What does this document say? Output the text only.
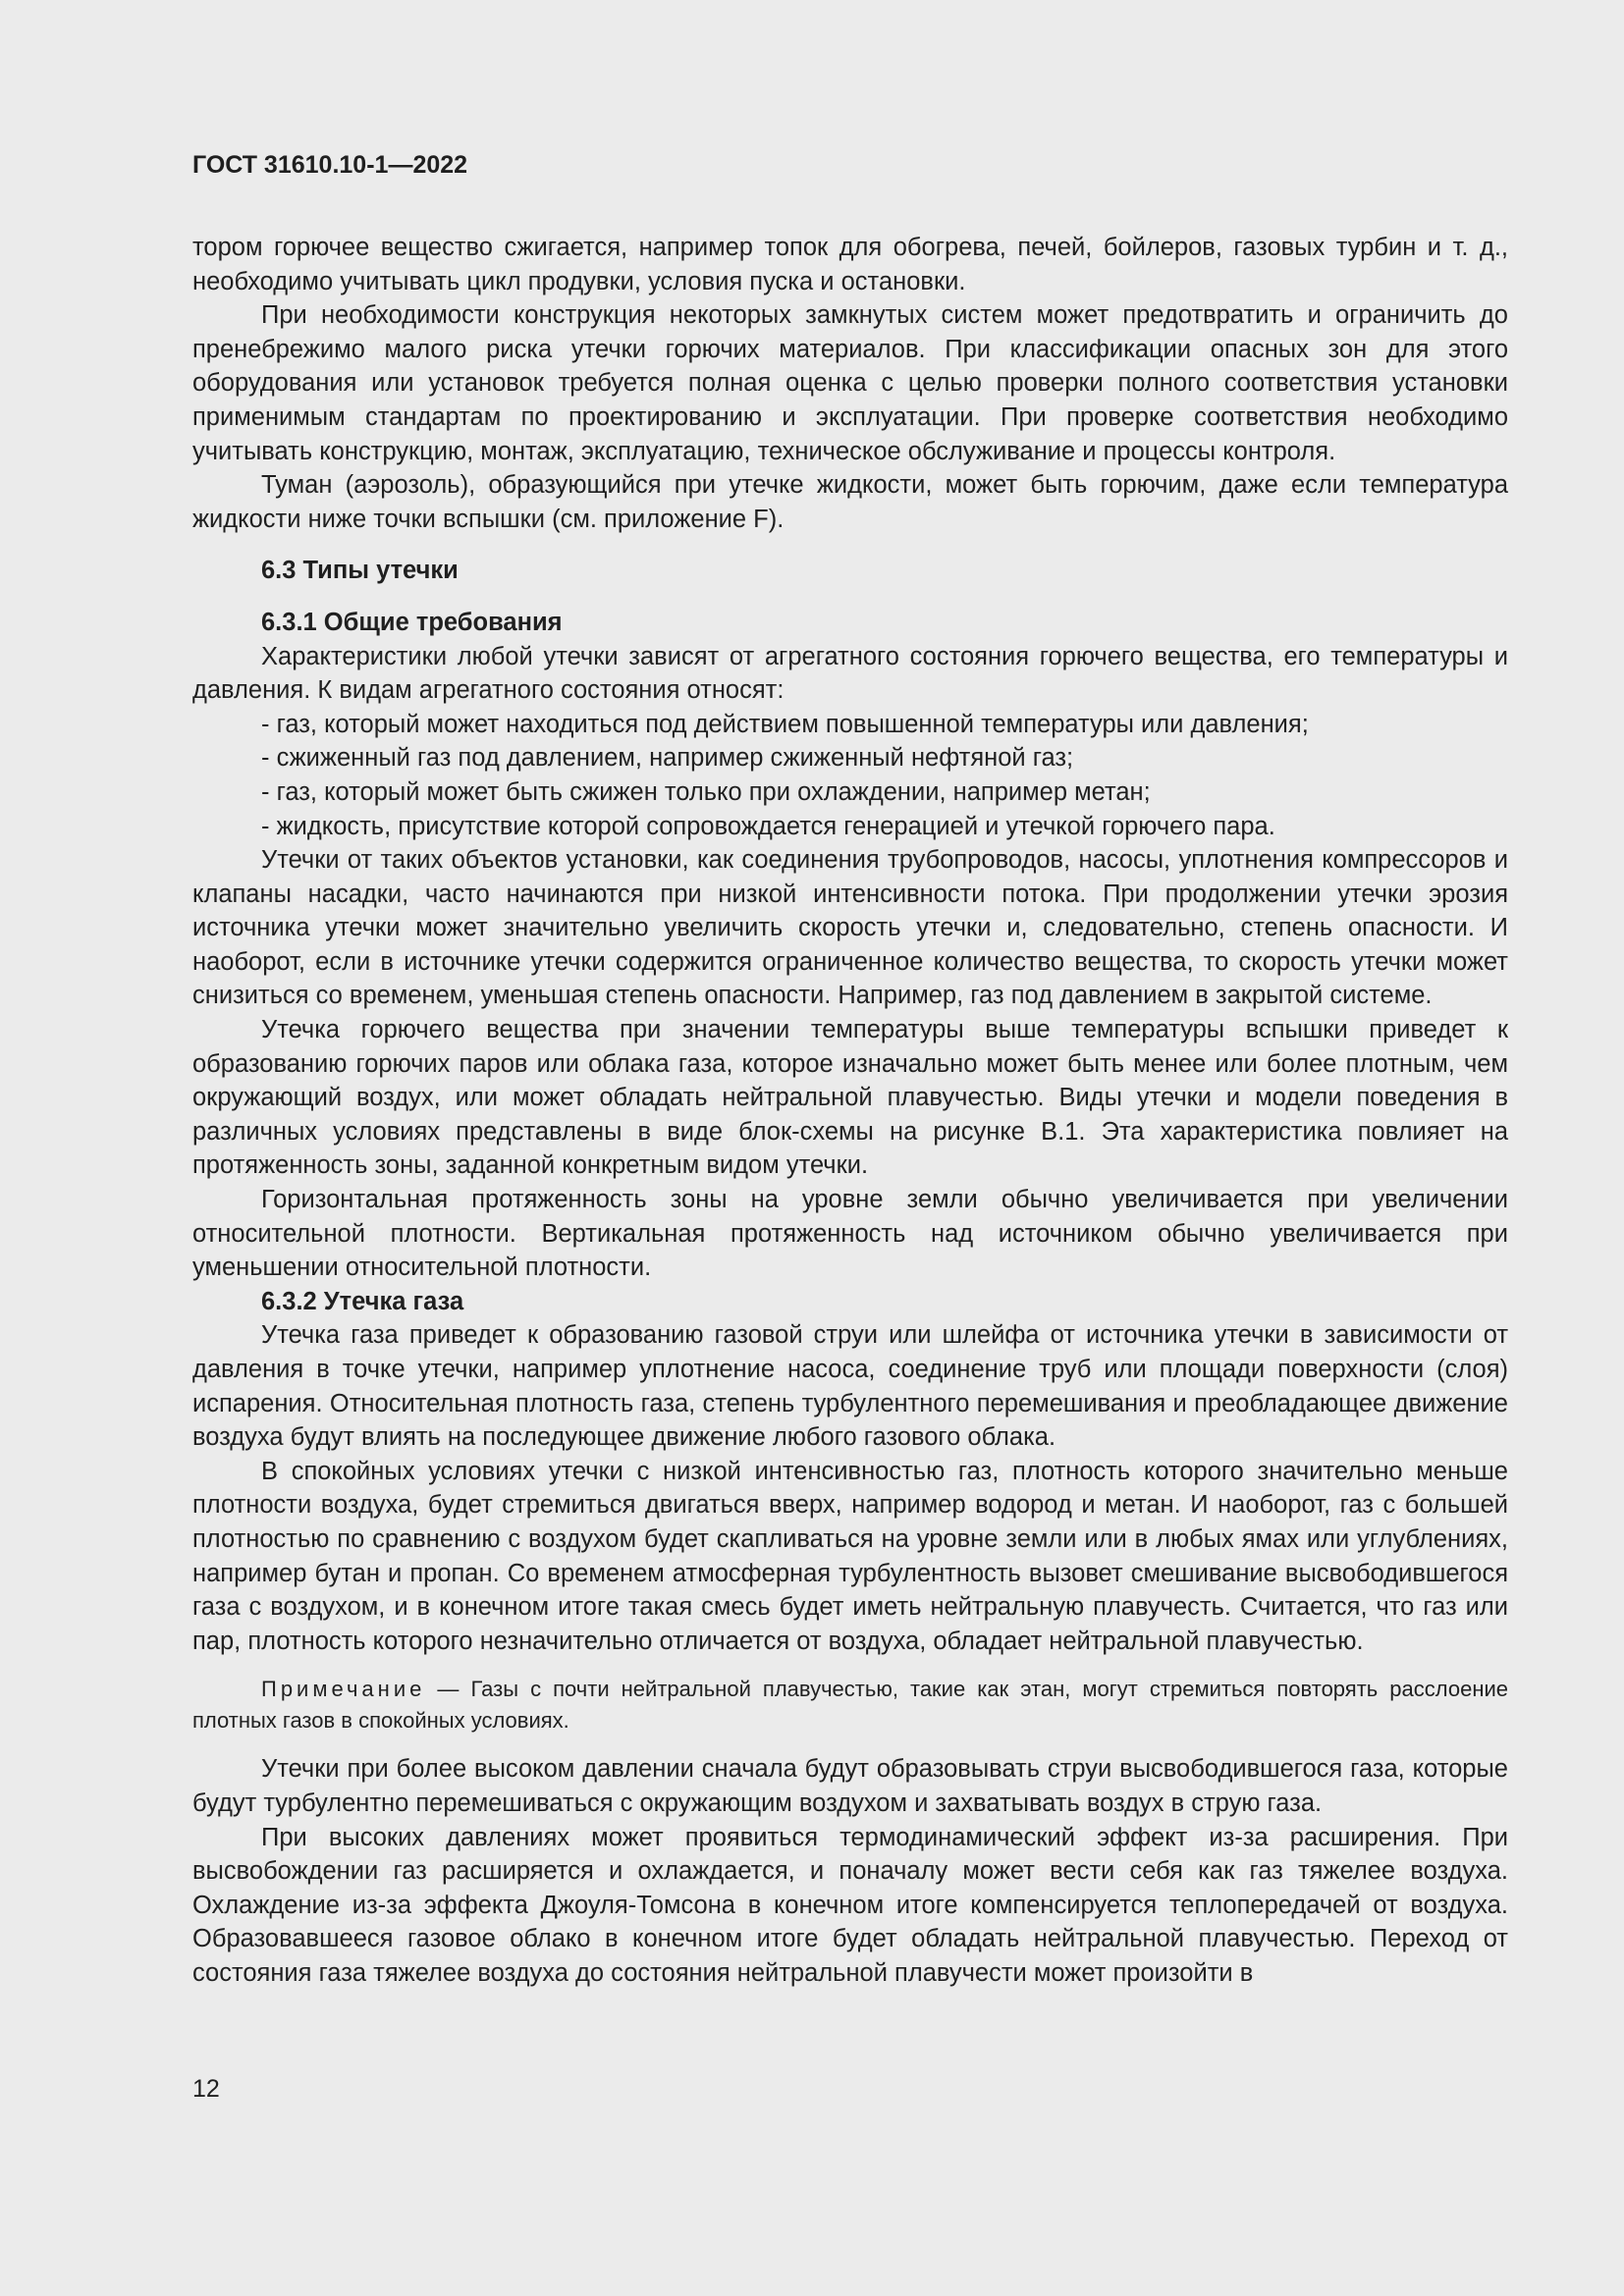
ГОСТ 31610.10-1—2022

тором горючее вещество сжигается, например топок для обогрева, печей, бойлеров, газовых турбин и т. д., необходимо учитывать цикл продувки, условия пуска и остановки.

При необходимости конструкция некоторых замкнутых систем может предотвратить и ограничить до пренебрежимо малого риска утечки горючих материалов. При классификации опасных зон для этого оборудования или установок требуется полная оценка с целью проверки полного соответствия установки применимым стандартам по проектированию и эксплуатации. При проверке соответствия необходимо учитывать конструкцию, монтаж, эксплуатацию, техническое обслуживание и процессы контроля.

Туман (аэрозоль), образующийся при утечке жидкости, может быть горючим, даже если температура жидкости ниже точки вспышки (см. приложение F).

6.3 Типы утечки
6.3.1 Общие требования

Характеристики любой утечки зависят от агрегатного состояния горючего вещества, его температуры и давления. К видам агрегатного состояния относят:

- газ, который может находиться под действием повышенной температуры или давления;
- сжиженный газ под давлением, например сжиженный нефтяной газ;
- газ, который может быть сжижен только при охлаждении, например метан;
- жидкость, присутствие которой сопровождается генерацией и утечкой горючего пара.

Утечки от таких объектов установки, как соединения трубопроводов, насосы, уплотнения компрессоров и клапаны насадки, часто начинаются при низкой интенсивности потока. При продолжении утечки эрозия источника утечки может значительно увеличить скорость утечки и, следовательно, степень опасности. И наоборот, если в источнике утечки содержится ограниченное количество вещества, то скорость утечки может снизиться со временем, уменьшая степень опасности. Например, газ под давлением в закрытой системе.

Утечка горючего вещества при значении температуры выше температуры вспышки приведет к образованию горючих паров или облака газа, которое изначально может быть менее или более плотным, чем окружающий воздух, или может обладать нейтральной плавучестью. Виды утечки и модели поведения в различных условиях представлены в виде блок-схемы на рисунке В.1. Эта характеристика повлияет на протяженность зоны, заданной конкретным видом утечки.

Горизонтальная протяженность зоны на уровне земли обычно увеличивается при увеличении относительной плотности. Вертикальная протяженность над источником обычно увеличивается при уменьшении относительной плотности.

6.3.2 Утечка газа

Утечка газа приведет к образованию газовой струи или шлейфа от источника утечки в зависимости от давления в точке утечки, например уплотнение насоса, соединение труб или площади поверхности (слоя) испарения. Относительная плотность газа, степень турбулентного перемешивания и преобладающее движение воздуха будут влиять на последующее движение любого газового облака.

В спокойных условиях утечки с низкой интенсивностью газ, плотность которого значительно меньше плотности воздуха, будет стремиться двигаться вверх, например водород и метан. И наоборот, газ с большей плотностью по сравнению с воздухом будет скапливаться на уровне земли или в любых ямах или углублениях, например бутан и пропан. Со временем атмосферная турбулентность вызовет смешивание высвободившегося газа с воздухом, и в конечном итоге такая смесь будет иметь нейтральную плавучесть. Считается, что газ или пар, плотность которого незначительно отличается от воздуха, обладает нейтральной плавучестью.

Примечание — Газы с почти нейтральной плавучестью, такие как этан, могут стремиться повторять расслоение плотных газов в спокойных условиях.

Утечки при более высоком давлении сначала будут образовывать струи высвободившегося газа, которые будут турбулентно перемешиваться с окружающим воздухом и захватывать воздух в струю газа.

При высоких давлениях может проявиться термодинамический эффект из-за расширения. При высвобождении газ расширяется и охлаждается, и поначалу может вести себя как газ тяжелее воздуха. Охлаждение из-за эффекта Джоуля-Томсона в конечном итоге компенсируется теплопередачей от воздуха. Образовавшееся газовое облако в конечном итоге будет обладать нейтральной плавучестью. Переход от состояния газа тяжелее воздуха до состояния нейтральной плавучести может произойти в

12
